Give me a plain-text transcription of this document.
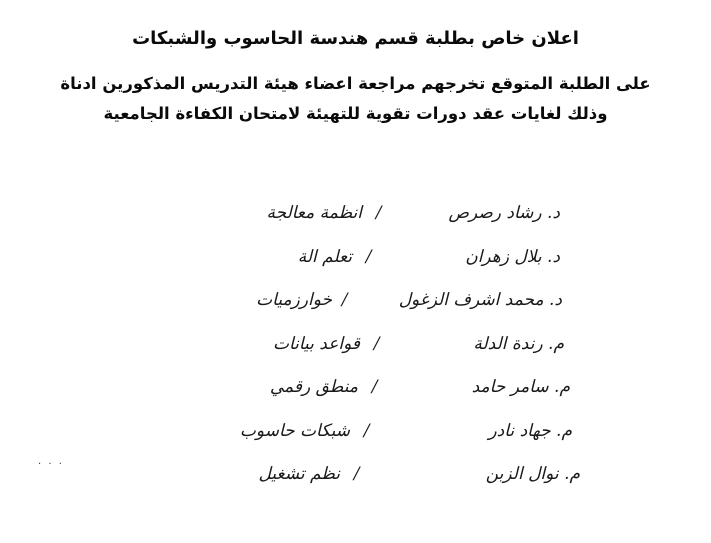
اعلان خاص بطلبة قسم هندسة الحاسوب والشبكات
على الطلبة المتوقع تخرجهم مراجعة اعضاء هيئة التدريس المذكورين ادناة
وذلك لغايات عقد دورات تقوية للتهيئة لامتحان الكفاءة الجامعية
د. رشاد رصرص
/
انظمة معالجة
د. بلال زهران
/
تعلم الة
د. محمد اشرف الزغول
/
خوارزميات
م. رندة الدلة
/
قواعد بيانات
م. سامر حامد
/
منطق رقمي
م. جهاد نادر
/
شبكات حاسوب
م. نوال الزبن
/
نظم تشغيل
. . .
